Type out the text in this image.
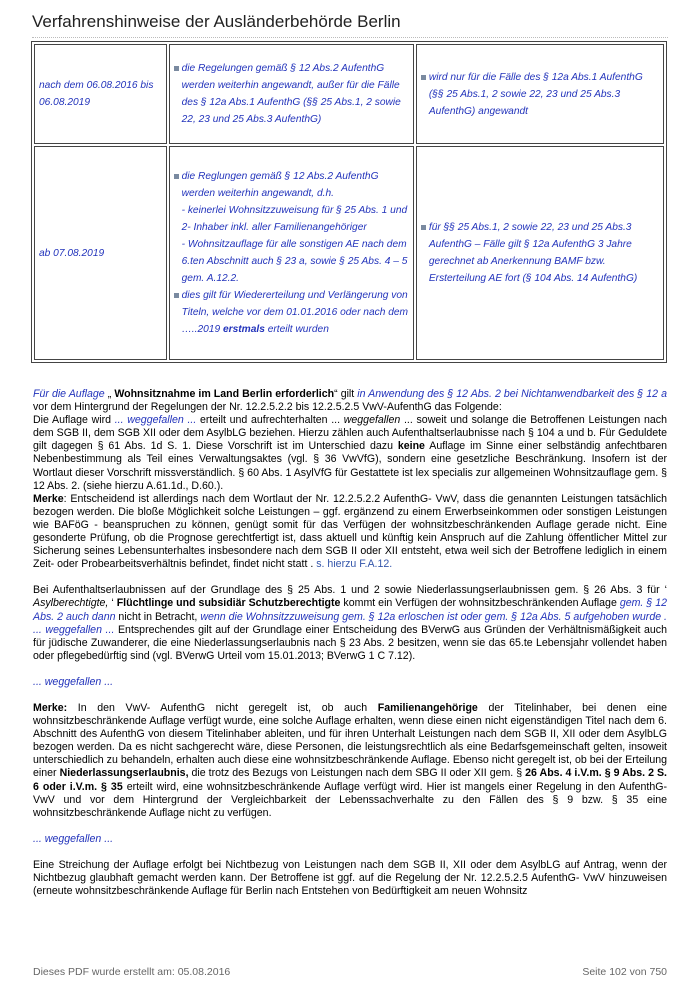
Verfahrenshinweise der Ausländerbehörde Berlin
nach dem 06.08.2016 bis 06.08.2019	die Regelungen gemäß § 12 Abs.2 AufenthG werden weiterhin angewandt, außer für die Fälle des § 12a Abs.1 AufenthG (§§ 25 Abs.1, 2 sowie 22, 23 und 25 Abs.3 AufenthG)	wird nur für die Fälle des § 12a Abs.1 AufenthG (§§ 25 Abs.1, 2 sowie 22, 23 und 25 Abs.3 AufenthG) angewandt

ab 07.08.2019	die Reglungen gemäß § 12 Abs.2 AufenthG werden weiterhin angewandt, d.h.
- keinerlei Wohnsitzzuweisung für § 25 Abs. 1 und 2- Inhaber inkl. aller Familienangehöriger
- Wohnsitzauflage für alle sonstigen AE nach dem 6.ten Abschnitt auch § 23 a, sowie § 25 Abs. 4 – 5 gem. A.12.2.
dies gilt für Wiedererteilung und Verlängerung von Titeln, welche vor dem 01.01.2016 oder nach dem …..2019 erstmals erteilt wurden	für §§ 25 Abs.1, 2 sowie 22, 23 und 25 Abs.3 AufenthG – Fälle gilt § 12a AufenthG 3 Jahre gerechnet ab Anerkennung BAMF bzw. Ersterteilung AE fort (§ 104 Abs. 14 AufenthG)

Für die Auflage „ Wohnsitznahme im Land Berlin erforderlich“ gilt in Anwendung des § 12 Abs. 2 bei Nichtanwendbarkeit des § 12 a vor dem Hintergrund der Regelungen der Nr. 12.2.5.2.2 bis 12.2.5.2.5 VwV-AufenthG das Folgende:

Die Auflage wird ... weggefallen ... erteilt und aufrechterhalten ... weggefallen ... soweit und solange die Betroffenen Leistungen nach dem SGB II, dem SGB XII oder dem AsylbLG beziehen. Hierzu zählen auch Aufenthaltserlaubnisse nach § 104 a und b. Für Geduldete gilt dagegen § 61 Abs. 1d S. 1. Diese Vorschrift ist im Unterschied dazu keine Auflage im Sinne einer selbständig anfechtbaren Nebenbestimmung als Teil eines Verwaltungsaktes (vgl. § 36 VwVfG), sondern eine gesetzliche Beschränkung. Insofern ist der Wortlaut dieser Vorschrift missverständlich. § 60 Abs. 1 AsylVfG für Gestattete ist lex specialis zur allgemeinen Wohnsitzauflage gem. § 12 Abs. 2. (siehe hierzu A.61.1d., D.60.).

Merke: Entscheidend ist allerdings nach dem Wortlaut der Nr. 12.2.5.2.2 AufenthG- VwV, dass die genannten Leistungen tatsächlich bezogen werden. Die bloße Möglichkeit solche Leistungen – ggf. ergänzend zu einem Erwerbseinkommen oder sonstigen Leistungen wie BAFöG - beanspruchen zu können, genügt somit für das Verfügen der wohnsitzbeschränkenden Auflage gerade nicht. Eine gesonderte Prüfung, ob die Prognose gerechtfertigt ist, dass aktuell und künftig kein Anspruch auf die Zahlung öffentlicher Mittel zur Sicherung seines Lebensunterhaltes insbesondere nach dem SGB II oder XII entsteht, etwa weil sich der Betroffene lediglich in einem Zeit- oder Probearbeitsverhältnis befindet, findet nicht statt . s. hierzu F.A.12.

Bei Aufenthaltserlaubnissen auf der Grundlage des § 25 Abs. 1 und 2 sowie Niederlassungserlaubnissen gem. § 26 Abs. 3 für ‘ Asylberechtigte, ‘ Flüchtlinge und subsidiär Schutzberechtigte kommt ein Verfügen der wohnsitzbeschränkenden Auflage gem. § 12 Abs. 2 auch dann nicht in Betracht, wenn die Wohnsitzzuweisung gem. § 12a erloschen ist oder gem. § 12a Abs. 5 aufgehoben wurde . ... weggefallen ... Entsprechendes gilt auf der Grundlage einer Entscheidung des BVerwG aus Gründen der Verhältnismäßigkeit auch für jüdische Zuwanderer, die eine Niederlassungserlaubnis nach § 23 Abs. 2 besitzen, wenn sie das 65.te Lebensjahr vollendet haben oder pflegebedürftig sind (vgl. BVerwG Urteil vom 15.01.2013; BVerwG 1 C 7.12).

... weggefallen ...

Merke: In den VwV- AufenthG nicht geregelt ist, ob auch Familienangehörige der Titelinhaber, bei denen eine wohnsitzbeschränkende Auflage verfügt wurde, eine solche Auflage erhalten, wenn diese einen nicht eigenständigen Titel nach dem 6. Abschnitt des AufenthG von diesem Titelinhaber ableiten, und für ihren Unterhalt Leistungen nach dem SGB II, XII oder dem AsylbLG bezogen werden. Da es nicht sachgerecht wäre, diese Personen, die leistungsrechtlich als eine Bedarfsgemeinschaft gelten, insoweit unterschiedlich zu behandeln, erhalten auch diese eine wohnsitzbeschränkende Auflage. Ebenso nicht geregelt ist, ob bei der Erteilung einer Niederlassungserlaubnis, die trotz des Bezugs von Leistungen nach dem SBG II oder XII gem. § 26 Abs. 4 i.V.m. § 9 Abs. 2 S. 6 oder i.V.m. § 35 erteilt wird, eine wohnsitzbeschränkende Auflage verfügt wird. Hier ist mangels einer Regelung in den AufenthG- VwV und vor dem Hintergrund der Vergleichbarkeit der Lebenssachverhalte zu den Fällen des § 9 bzw. § 35 eine wohnsitzbeschränkende Auflage nicht zu verfügen.

... weggefallen ...

Eine Streichung der Auflage erfolgt bei Nichtbezug von Leistungen nach dem SGB II, XII oder dem AsylbLG auf Antrag, wenn der Nichtbezug glaubhaft gemacht werden kann. Der Betroffene ist ggf. auf die Regelung der Nr. 12.2.5.2.5 AufenthG- VwV hinzuweisen (erneute wohnsitzbeschränkende Auflage für Berlin nach Entstehen von Bedürftigkeit am neuen Wohnsitz

Dieses PDF wurde erstellt am: 05.08.2016	Seite 102 von 750
